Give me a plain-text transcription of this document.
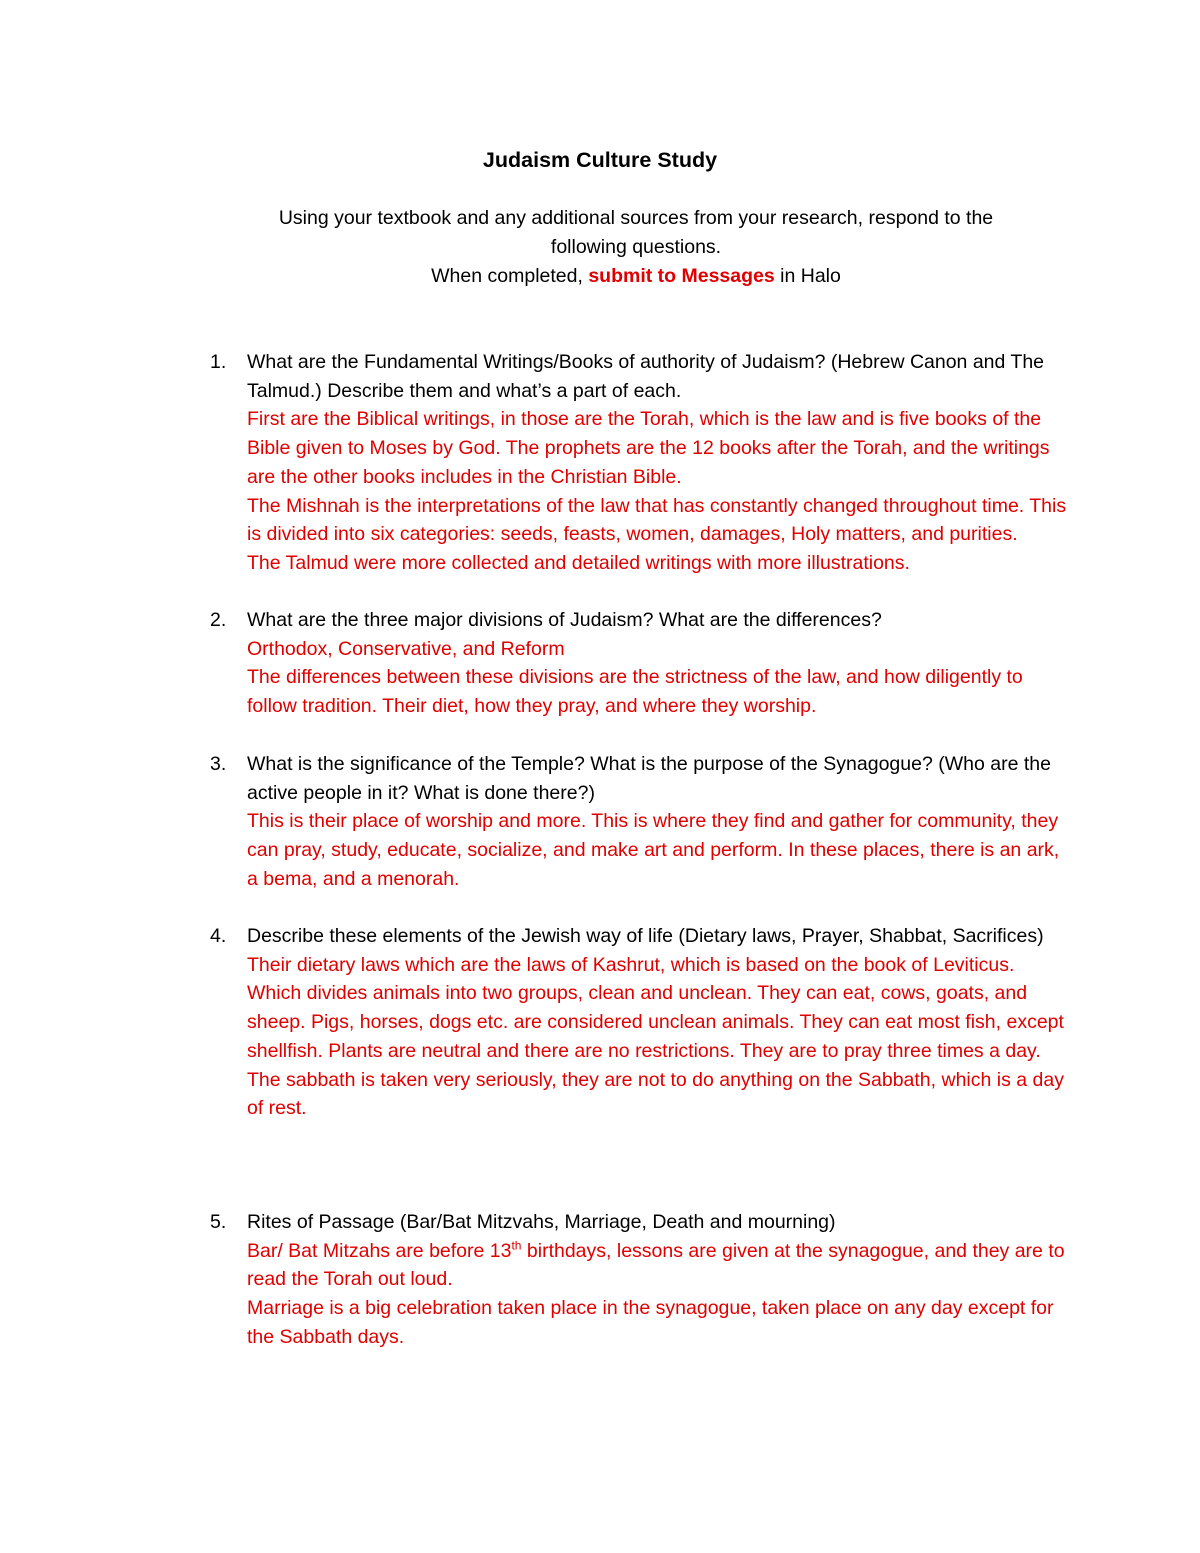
Judaism Culture Study
Using your textbook and any additional sources from your research, respond to the
following questions.
When completed, submit to Messages in Halo
1. What are the Fundamental Writings/Books of authority of Judaism? (Hebrew Canon and The Talmud.) Describe them and what’s a part of each.
First are the Biblical writings, in those are the Torah, which is the law and is five books of the Bible given to Moses by God. The prophets are the 12 books after the Torah, and the writings are the other books includes in the Christian Bible.
The Mishnah is the interpretations of the law that has constantly changed throughout time. This is divided into six categories: seeds, feasts, women, damages, Holy matters, and purities.
The Talmud were more collected and detailed writings with more illustrations.
2. What are the three major divisions of Judaism? What are the differences?
Orthodox, Conservative, and Reform
The differences between these divisions are the strictness of the law, and how diligently to follow tradition. Their diet, how they pray, and where they worship.
3. What is the significance of the Temple? What is the purpose of the Synagogue? (Who are the active people in it? What is done there?)
This is their place of worship and more. This is where they find and gather for community, they can pray, study, educate, socialize, and make art and perform. In these places, there is an ark, a bema, and a menorah.
4. Describe these elements of the Jewish way of life (Dietary laws, Prayer, Shabbat, Sacrifices)
Their dietary laws which are the laws of Kashrut, which is based on the book of Leviticus. Which divides animals into two groups, clean and unclean. They can eat, cows, goats, and sheep. Pigs, horses, dogs etc. are considered unclean animals. They can eat most fish, except shellfish. Plants are neutral and there are no restrictions. They are to pray three times a day. The sabbath is taken very seriously, they are not to do anything on the Sabbath, which is a day of rest.
5. Rites of Passage (Bar/Bat Mitzvahs, Marriage, Death and mourning)
Bar/ Bat Mitzahs are before 13th birthdays, lessons are given at the synagogue, and they are to read the Torah out loud.
Marriage is a big celebration taken place in the synagogue, taken place on any day except for the Sabbath days.
